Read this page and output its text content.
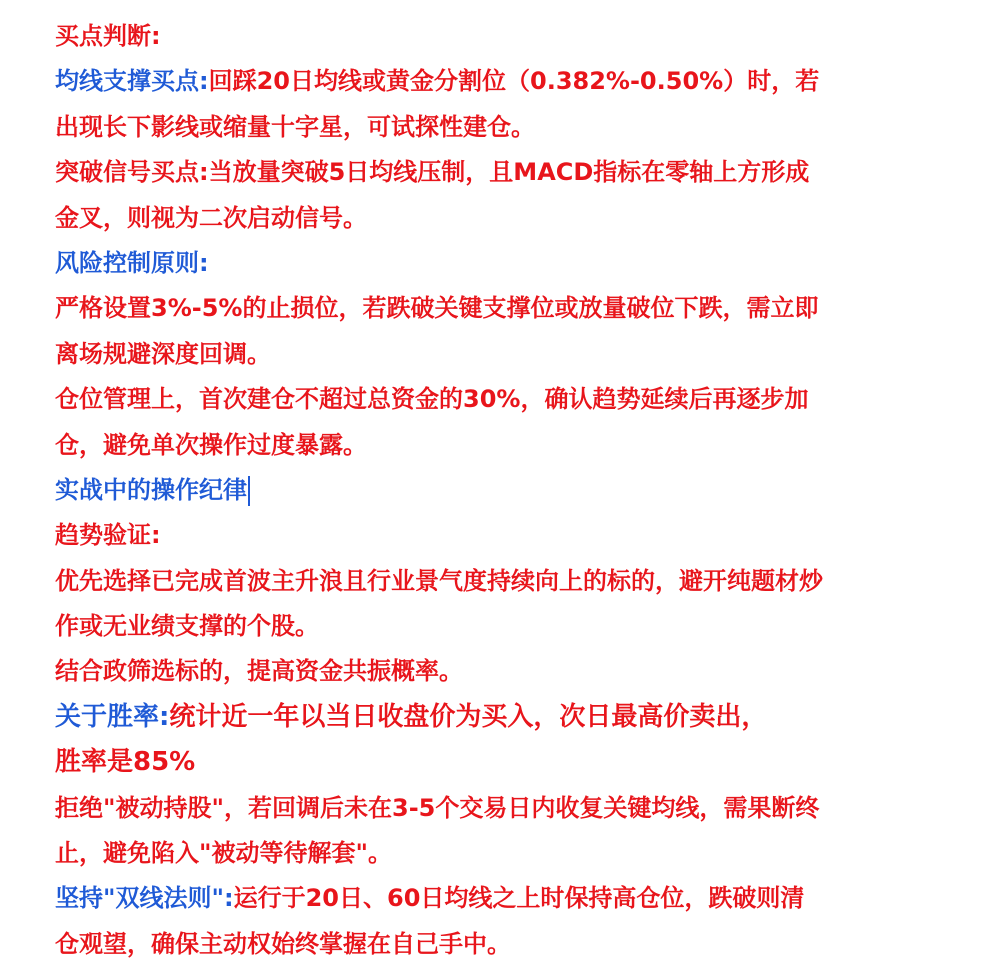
买点判断:
均线支撑买点:回踩20日均线或黄金分割位（0.382%-0.50%）时，若
出现长下影线或缩量十字星，可试探性建仓。
突破信号买点:当放量突破5日均线压制，且MACD指标在零轴上方形成
金叉，则视为二次启动信号。
风险控制原则:
严格设置3%-5%的止损位，若跌破关键支撑位或放量破位下跌，需立即
离场规避深度回调。
仓位管理上，首次建仓不超过总资金的30%，确认趋势延续后再逐步加
仓，避免单次操作过度暴露。
实战中的操作纪律
趋势验证:
优先选择已完成首波主升浪且行业景气度持续向上的标的，避开纯题材炒
作或无业绩支撑的个股。
结合政筛选标的，提高资金共振概率。
关于胜率:统计近一年以当日收盘价为买入，次日最高价卖出，
胜率是85%
拒绝"被动持股"，若回调后未在3-5个交易日内收复关键均线，需果断终
止，避免陷入"被动等待解套"。
坚持"双线法则":运行于20日、60日均线之上时保持高仓位，跌破则清
仓观望，确保主动权始终掌握在自己手中。
